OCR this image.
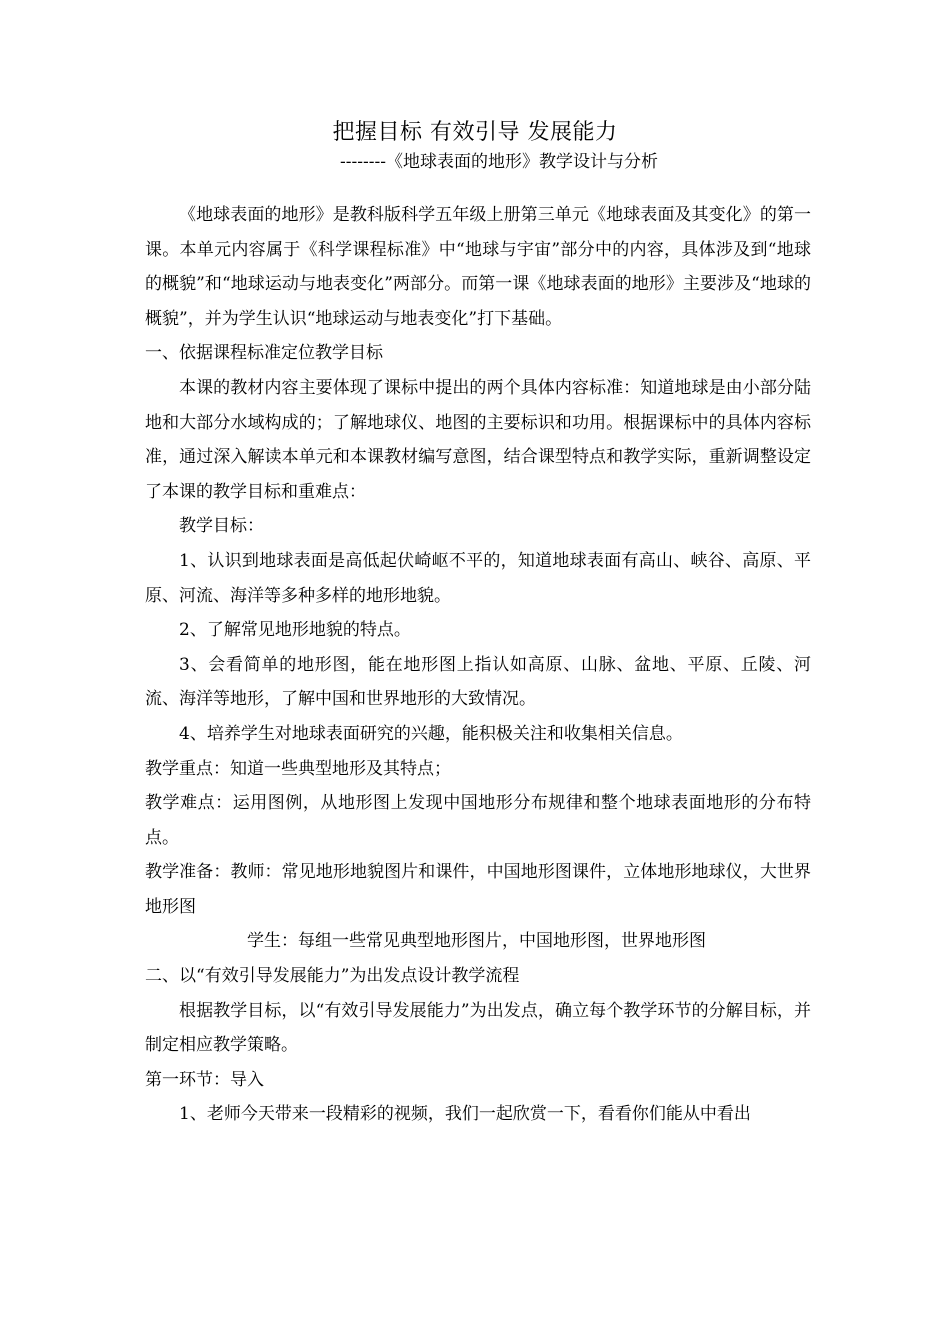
把握目标 有效引导 发展能力
--------《地球表面的地形》教学设计与分析

《地球表面的地形》是教科版科学五年级上册第三单元《地球表面及其变化》的第一课。本单元内容属于《科学课程标准》中“地球与宇宙”部分中的内容，具体涉及到“地球的概貌”和“地球运动与地表变化”两部分。而第一课《地球表面的地形》主要涉及“地球的概貌”，并为学生认识“地球运动与地表变化”打下基础。

一、依据课程标准定位教学目标

本课的教材内容主要体现了课标中提出的两个具体内容标准：知道地球是由小部分陆地和大部分水域构成的；了解地球仪、地图的主要标识和功用。根据课标中的具体内容标准，通过深入解读本单元和本课教材编写意图，结合课型特点和教学实际，重新调整设定了本课的教学目标和重难点：

教学目标：

1、认识到地球表面是高低起伏崎岖不平的，知道地球表面有高山、峡谷、高原、平原、河流、海洋等多种多样的地形地貌。

2、了解常见地形地貌的特点。

3、会看简单的地形图，能在地形图上指认如高原、山脉、盆地、平原、丘陵、河流、海洋等地形，了解中国和世界地形的大致情况。

4、培养学生对地球表面研究的兴趣，能积极关注和收集相关信息。

教学重点：知道一些典型地形及其特点；

教学难点：运用图例，从地形图上发现中国地形分布规律和整个地球表面地形的分布特点。

教学准备：教师：常见地形地貌图片和课件，中国地形图课件，立体地形地球仪，大世界地形图

学生：每组一些常见典型地形图片，中国地形图，世界地形图

二、以“有效引导发展能力”为出发点设计教学流程

根据教学目标，以“有效引导发展能力”为出发点，确立每个教学环节的分解目标，并制定相应教学策略。

第一环节：导入

1、老师今天带来一段精彩的视频，我们一起欣赏一下，看看你们能从中看出
